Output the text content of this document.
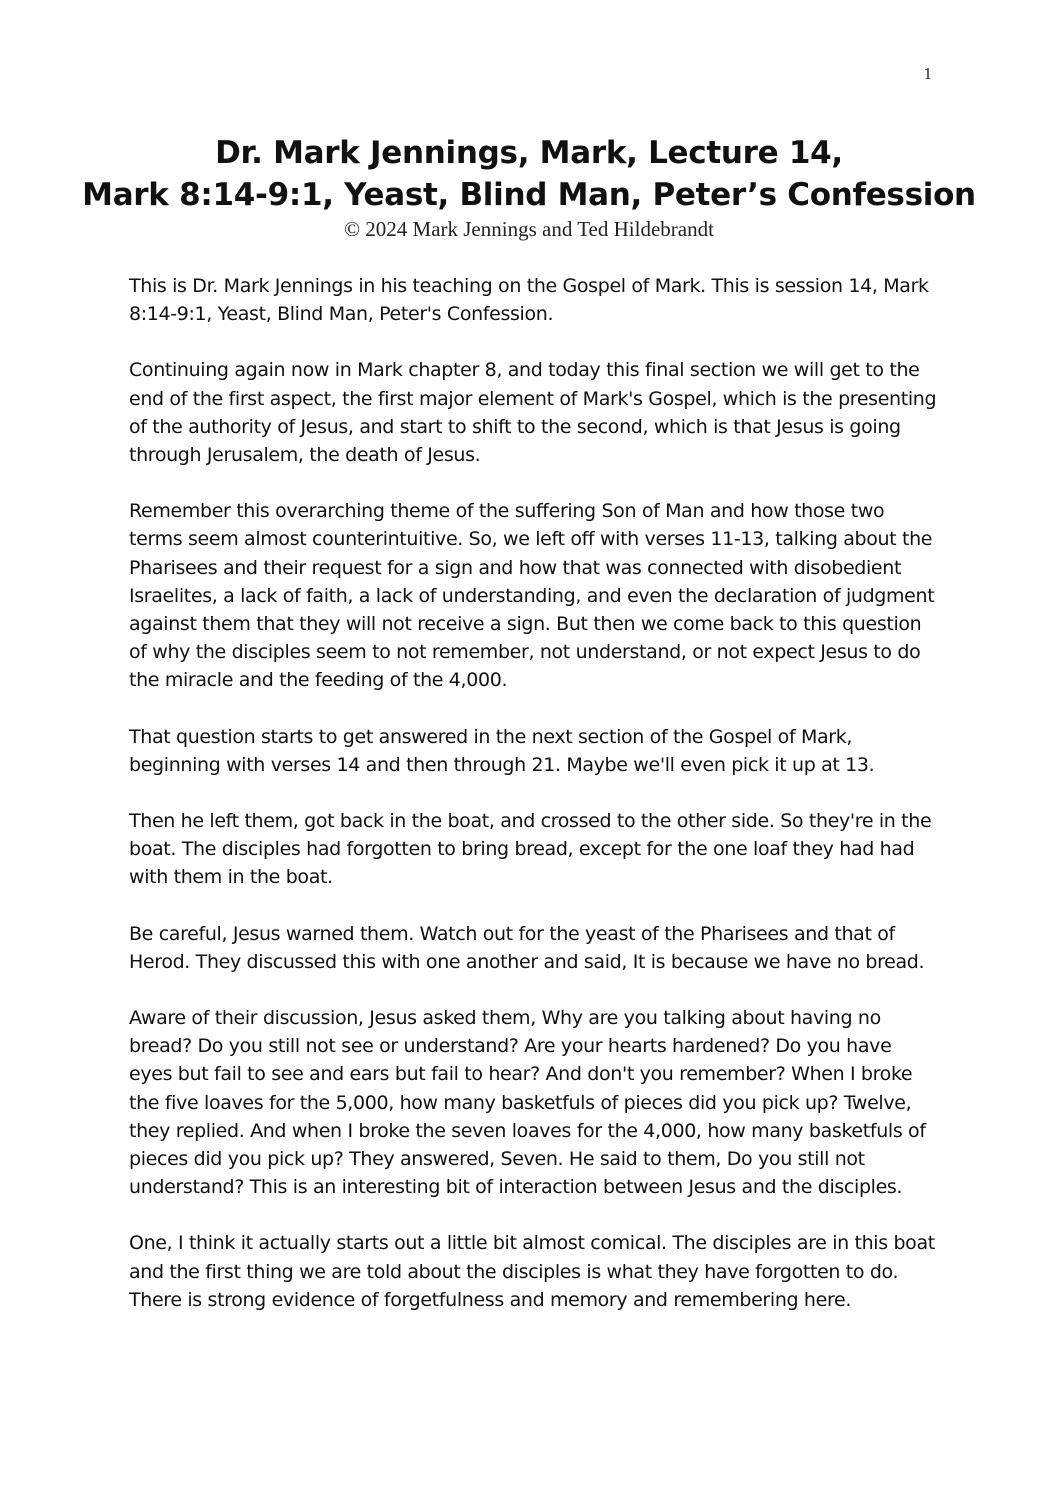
1
Dr. Mark Jennings, Mark, Lecture 14,
Mark 8:14-9:1, Yeast, Blind Man, Peter’s Confession
© 2024 Mark Jennings and Ted Hildebrandt

This is Dr. Mark Jennings in his teaching on the Gospel of Mark. This is session 14, Mark 8:14-9:1, Yeast, Blind Man, Peter's Confession.

Continuing again now in Mark chapter 8, and today this final section we will get to the end of the first aspect, the first major element of Mark's Gospel, which is the presenting of the authority of Jesus, and start to shift to the second, which is that Jesus is going through Jerusalem, the death of Jesus.

Remember this overarching theme of the suffering Son of Man and how those two terms seem almost counterintuitive. So, we left off with verses 11-13, talking about the Pharisees and their request for a sign and how that was connected with disobedient Israelites, a lack of faith, a lack of understanding, and even the declaration of judgment against them that they will not receive a sign. But then we come back to this question of why the disciples seem to not remember, not understand, or not expect Jesus to do the miracle and the feeding of the 4,000.

That question starts to get answered in the next section of the Gospel of Mark, beginning with verses 14 and then through 21. Maybe we'll even pick it up at 13.

Then he left them, got back in the boat, and crossed to the other side. So they're in the boat. The disciples had forgotten to bring bread, except for the one loaf they had had with them in the boat.

Be careful, Jesus warned them. Watch out for the yeast of the Pharisees and that of Herod. They discussed this with one another and said, It is because we have no bread.

Aware of their discussion, Jesus asked them, Why are you talking about having no bread? Do you still not see or understand? Are your hearts hardened? Do you have eyes but fail to see and ears but fail to hear? And don't you remember? When I broke the five loaves for the 5,000, how many basketfuls of pieces did you pick up? Twelve, they replied. And when I broke the seven loaves for the 4,000, how many basketfuls of pieces did you pick up? They answered, Seven. He said to them, Do you still not understand? This is an interesting bit of interaction between Jesus and the disciples.

One, I think it actually starts out a little bit almost comical. The disciples are in this boat and the first thing we are told about the disciples is what they have forgotten to do. There is strong evidence of forgetfulness and memory and remembering here.
